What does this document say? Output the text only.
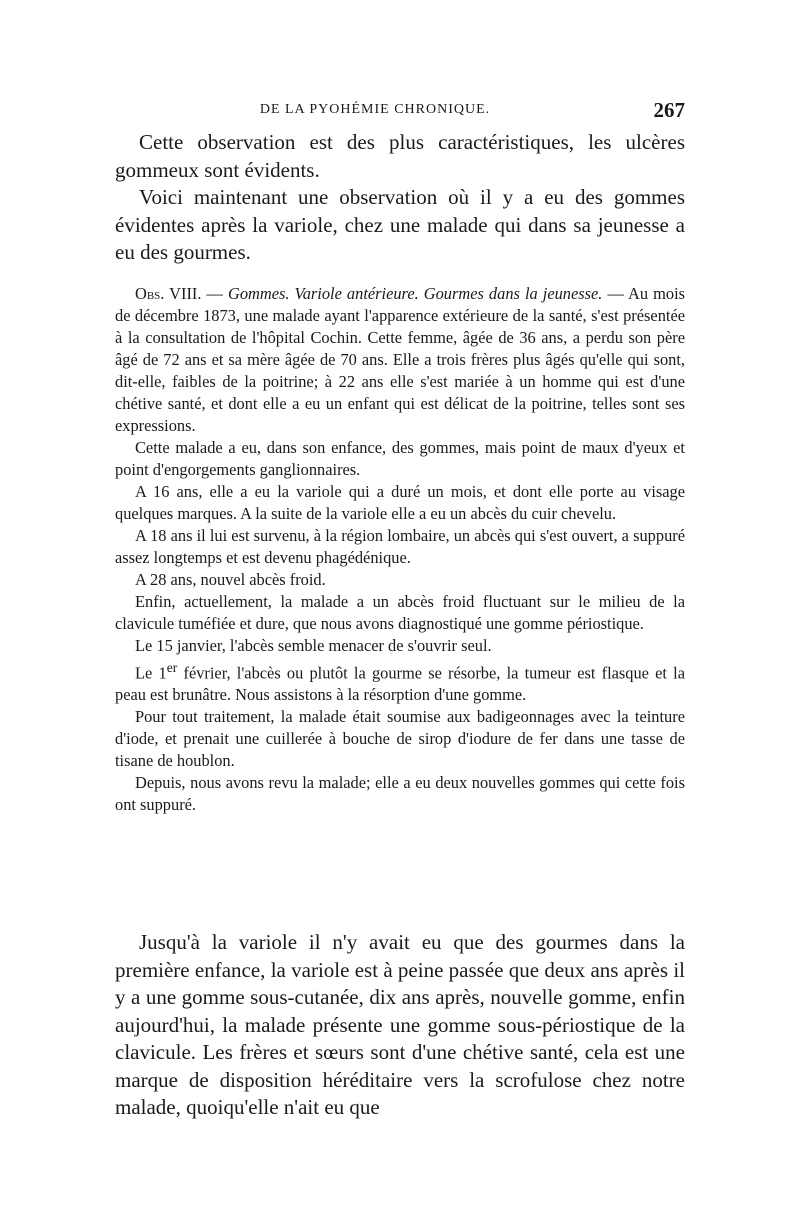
DE LA PYOHÉMIE CHRONIQUE.	267

Cette observation est des plus caractéristiques, les ulcères gommeux sont évidents.

Voici maintenant une observation où il y a eu des gommes évidentes après la variole, chez une malade qui dans sa jeunesse a eu des gourmes.

Obs. VIII. — Gommes. Variole antérieure. Gourmes dans la jeunesse. — Au mois de décembre 1873, une malade ayant l'apparence extérieure de la santé, s'est présentée à la consultation de l'hôpital Cochin. Cette femme, âgée de 36 ans, a perdu son père âgé de 72 ans et sa mère âgée de 70 ans. Elle a trois frères plus âgés qu'elle qui sont, dit-elle, faibles de la poitrine; à 22 ans elle s'est mariée à un homme qui est d'une chétive santé, et dont elle a eu un enfant qui est délicat de la poitrine, telles sont ses expressions.

Cette malade a eu, dans son enfance, des gommes, mais point de maux d'yeux et point d'engorgements ganglionnaires.

A 16 ans, elle a eu la variole qui a duré un mois, et dont elle porte au visage quelques marques. A la suite de la variole elle a eu un abcès du cuir chevelu.

A 18 ans il lui est survenu, à la région lombaire, un abcès qui s'est ouvert, a suppuré assez longtemps et est devenu phagédénique.

A 28 ans, nouvel abcès froid.

Enfin, actuellement, la malade a un abcès froid fluctuant sur le milieu de la clavicule tuméfiée et dure, que nous avons diagnostiqué une gomme périostique.

Le 15 janvier, l'abcès semble menacer de s'ouvrir seul.

Le 1er février, l'abcès ou plutôt la gourme se résorbe, la tumeur est flasque et la peau est brunâtre. Nous assistons à la résorption d'une gomme.

Pour tout traitement, la malade était soumise aux badigeonnages avec la teinture d'iode, et prenait une cuillerée à bouche de sirop d'iodure de fer dans une tasse de tisane de houblon.

Depuis, nous avons revu la malade; elle a eu deux nouvelles gommes qui cette fois ont suppuré.

Jusqu'à la variole il n'y avait eu que des gourmes dans la première enfance, la variole est à peine passée que deux ans après il y a une gomme sous-cutanée, dix ans après, nouvelle gomme, enfin aujourd'hui, la malade présente une gomme sous-périostique de la clavicule. Les frères et sœurs sont d'une chétive santé, cela est une marque de disposition héréditaire vers la scrofulose chez notre malade, quoiqu'elle n'ait eu que
